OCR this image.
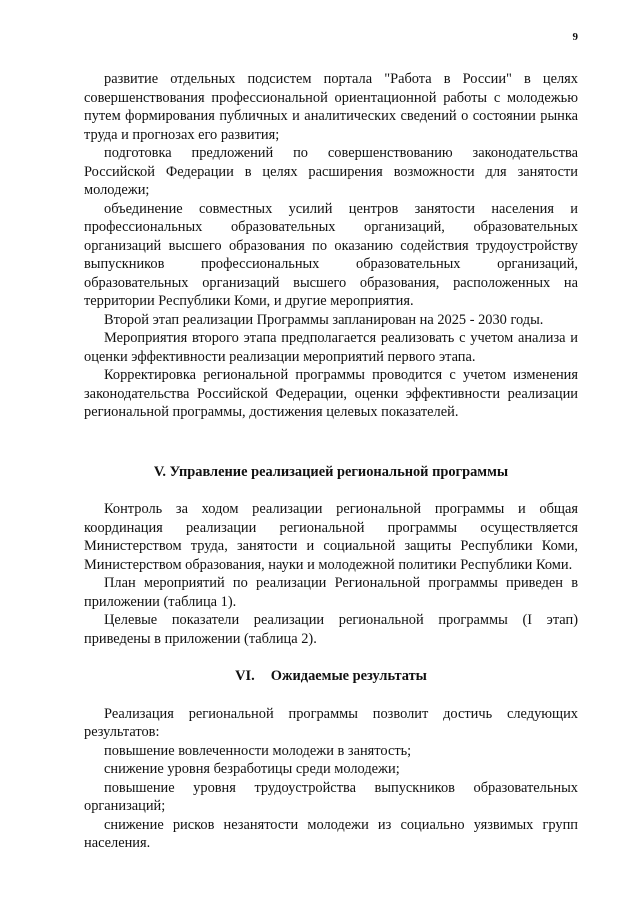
9

развитие отдельных подсистем портала "Работа в России" в целях совершенствования профессиональной ориентационной работы с молодежью путем формирования публичных и аналитических сведений о состоянии рынка труда и прогнозах его развития;

подготовка предложений по совершенствованию законодательства Российской Федерации в целях расширения возможности для занятости молодежи;

объединение совместных усилий центров занятости населения и профессиональных образовательных организаций, образовательных организаций высшего образования по оказанию содействия трудоустройству выпускников профессиональных образовательных организаций, образовательных организаций высшего образования, расположенных на территории Республики Коми, и другие мероприятия.

Второй этап реализации Программы запланирован на 2025 - 2030 годы.

Мероприятия второго этапа предполагается реализовать с учетом анализа и оценки эффективности реализации мероприятий первого этапа.

Корректировка региональной программы проводится с учетом изменения законодательства Российской Федерации, оценки эффективности реализации региональной программы, достижения целевых показателей.

V. Управление реализацией региональной программы

Контроль за ходом реализации региональной программы и общая координация реализации региональной программы осуществляется Министерством труда, занятости и социальной защиты Республики Коми, Министерством образования, науки и молодежной политики Республики Коми.

План мероприятий по реализации Региональной программы приведен в приложении (таблица 1).

Целевые показатели реализации региональной программы (I этап) приведены в приложении (таблица 2).

VI. Ожидаемые результаты

Реализация региональной программы позволит достичь следующих результатов:

повышение вовлеченности молодежи в занятость;

снижение уровня безработицы среди молодежи;

повышение уровня трудоустройства выпускников образовательных организаций;

снижение рисков незанятости молодежи из социально уязвимых групп населения.
